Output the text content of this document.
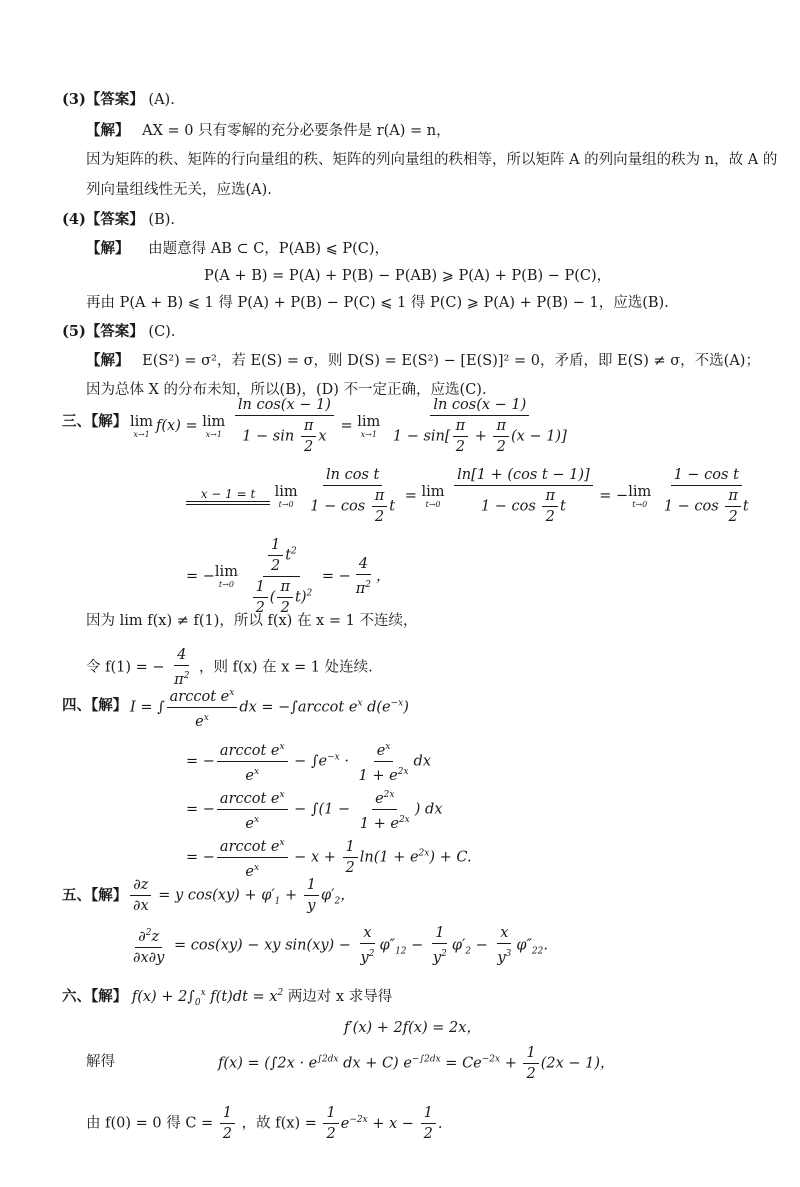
(3)【答案】 (A).
【解】 AX = 0 只有零解的充分必要条件是 r(A) = n，
因为矩阵的秩、矩阵的行向量组的秩、矩阵的列向量组的秩相等，所以矩阵 A 的列向量组的秩为 n，故 A 的
列向量组线性无关，应选(A).
(4)【答案】 (B).
【解】 由题意得 AB ⊂ C，P(AB) ⩽ P(C)，
P(A + B) = P(A) + P(B) − P(AB) ⩾ P(A) + P(B) − P(C)，
再由 P(A + B) ⩽ 1 得 P(A) + P(B) − P(C) ⩽ 1 得 P(C) ⩾ P(A) + P(B) − 1，应选(B).
(5)【答案】 (C).
【解】 E(S²) = σ²，若 E(S) = σ，则 D(S) = E(S²) − [E(S)]² = 0，矛盾，即 E(S) ≠ σ，不选(A)；
因为总体 X 的分布未知，所以(B)，(D) 不一定正确，应选(C).
三、【解】 lim
x→1 f(x) = lim
x→1
$\frac{\text{ln cos(x − 1)}}{1 - \sin \frac{\pi}{2} x} = \lim$
x→1
$\frac{\text{ln cos(x − 1)}}{1 - \sin[ \frac{\pi}{2} + \frac{\pi}{2} (x - 1)]}$
x − 1 = t
lim
t→0
$\frac{\text{ln cos t}}{1 - \cos \frac{\pi}{2} t} = \lim$
t→0
$\frac{\text{ln[1 + (cos t − 1)]}}{1 - \cos \frac{\pi}{2} t}$ = − lim
t→0
$\frac{\text{1 − cos t}}{1 - \cos \frac{\pi}{2} t}$
= − lim
t→0
$\frac{\frac{1}{2} t^2}{\frac{1}{2} ( \frac{\pi}{2} t)^2}$ = − $\frac{4}{\pi^2}$ ，
因为 lim f(x) ≠ f(1)，所以 f(x) 在 x = 1 不连续，
令 f(1) = − $\frac{4}{\pi^2}$ ，则 f(x) 在 x = 1 处连续.
四、【解】 I = ∫ $\frac{arccot e^x}{e^x}$ dx = −∫arccot $e^x$ $d(e^{-x})$
= − $\frac{arccot e^x}{e^x} - \int e^{-x} \cdot \frac{e^x}{1 + e^{2x}}$ dx
= − $\frac{arccot e^x}{e^x} - \int(1 - \frac{e^{2x}}{1 + e^{2x}}$ ) dx
= − $\frac{arccot e^x}{e^x} - x + \frac{1}{2} \ln(1 + e^{2x}) + C$.
五、【解】 $\frac{\partial z}{\partial x} = y$ $\cos(xy) + \varphi'_1 + \frac{1}{y} \varphi'_2$，
$\frac{\partial^2z}{\partial x\partial y} = \cos(xy)$ − xy $\sin(xy) - \frac{x}{y^2} \varphi''_{12} - \frac{1}{y^2} \varphi'_2 - \frac{x}{y^3} \varphi''_{22}$.
六、【解】 $f(x) + 2\int_0^x$ $f(t)dt = x^2$ 两边对 x 求导得
f′(x) + 2f(x) = 2x，
解得	$f(x) = (\int 2x \cdot e^{\int 2dx}$ dx + C) $e^{-\int 2dx} = Ce^{-2x} + \frac{1}{2} (2x - 1)$，
由 f(0) = 0 得 $C = \frac{1}{2}$ ，故 $f(x) = \frac{1}{2} e^{-2x} + x - \frac{1}{2}$ .
